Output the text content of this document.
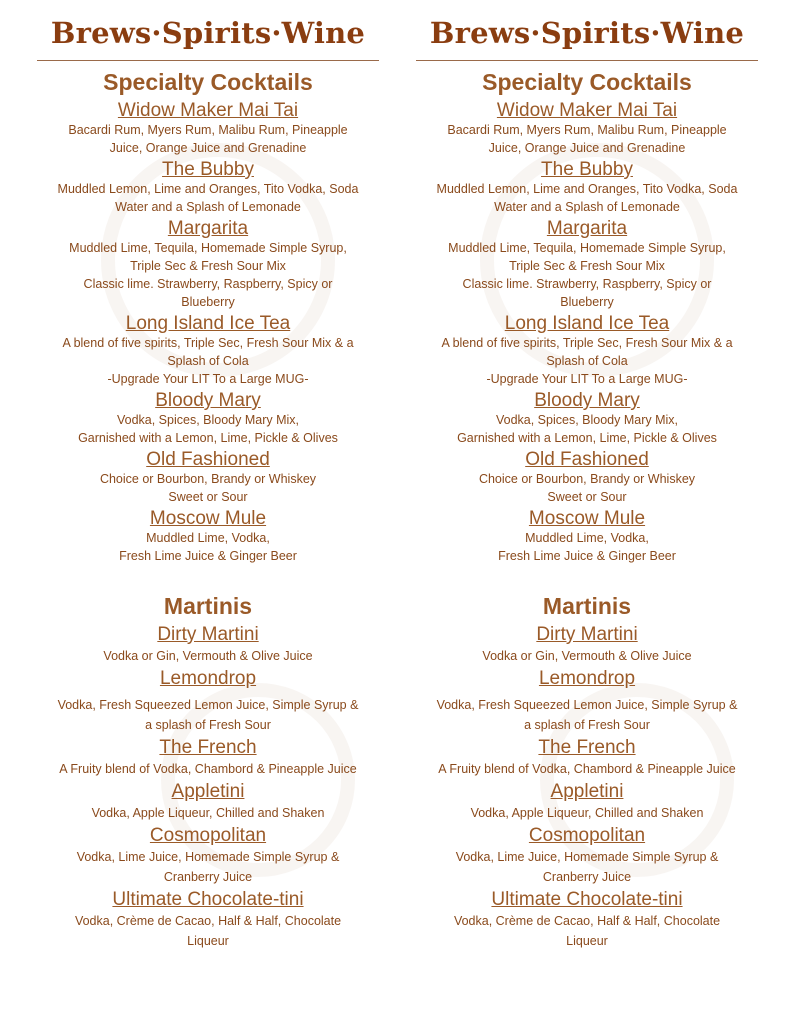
Brews·Spirits·Wine
Specialty Cocktails
Widow Maker Mai Tai
Bacardi Rum, Myers Rum, Malibu Rum, Pineapple
Juice, Orange Juice and Grenadine
The Bubby
Muddled Lemon, Lime and Oranges, Tito Vodka, Soda
Water and a Splash of Lemonade
Margarita
Muddled Lime, Tequila, Homemade Simple Syrup,
Triple Sec & Fresh Sour Mix
Classic lime. Strawberry, Raspberry, Spicy or
Blueberry
Long Island Ice Tea
A blend of five spirits, Triple Sec, Fresh Sour Mix & a
Splash of Cola
-Upgrade Your LIT To a Large MUG-
Bloody Mary
Vodka, Spices, Bloody Mary Mix,
Garnished with a Lemon, Lime, Pickle & Olives
Old Fashioned
Choice or Bourbon, Brandy or Whiskey
Sweet or Sour
Moscow Mule
Muddled Lime, Vodka,
Fresh Lime Juice & Ginger Beer
Martinis
Dirty Martini
Vodka or Gin, Vermouth & Olive Juice
Lemondrop
Vodka, Fresh Squeezed Lemon Juice, Simple Syrup &
a splash of Fresh Sour
The French
A Fruity blend of Vodka, Chambord & Pineapple Juice
Appletini
Vodka, Apple Liqueur, Chilled and Shaken
Cosmopolitan
Vodka, Lime Juice, Homemade Simple Syrup &
Cranberry Juice
Ultimate Chocolate-tini
Vodka, Crème de Cacao, Half & Half, Chocolate
Liqueur
Brews·Spirits·Wine
Specialty Cocktails
Widow Maker Mai Tai
Bacardi Rum, Myers Rum, Malibu Rum, Pineapple
Juice, Orange Juice and Grenadine
The Bubby
Muddled Lemon, Lime and Oranges, Tito Vodka, Soda
Water and a Splash of Lemonade
Margarita
Muddled Lime, Tequila, Homemade Simple Syrup,
Triple Sec & Fresh Sour Mix
Classic lime. Strawberry, Raspberry, Spicy or
Blueberry
Long Island Ice Tea
A blend of five spirits, Triple Sec, Fresh Sour Mix & a
Splash of Cola
-Upgrade Your LIT To a Large MUG-
Bloody Mary
Vodka, Spices, Bloody Mary Mix,
Garnished with a Lemon, Lime, Pickle & Olives
Old Fashioned
Choice or Bourbon, Brandy or Whiskey
Sweet or Sour
Moscow Mule
Muddled Lime, Vodka,
Fresh Lime Juice & Ginger Beer
Martinis
Dirty Martini
Vodka or Gin, Vermouth & Olive Juice
Lemondrop
Vodka, Fresh Squeezed Lemon Juice, Simple Syrup &
a splash of Fresh Sour
The French
A Fruity blend of Vodka, Chambord & Pineapple Juice
Appletini
Vodka, Apple Liqueur, Chilled and Shaken
Cosmopolitan
Vodka, Lime Juice, Homemade Simple Syrup &
Cranberry Juice
Ultimate Chocolate-tini
Vodka, Crème de Cacao, Half & Half, Chocolate
Liqueur
